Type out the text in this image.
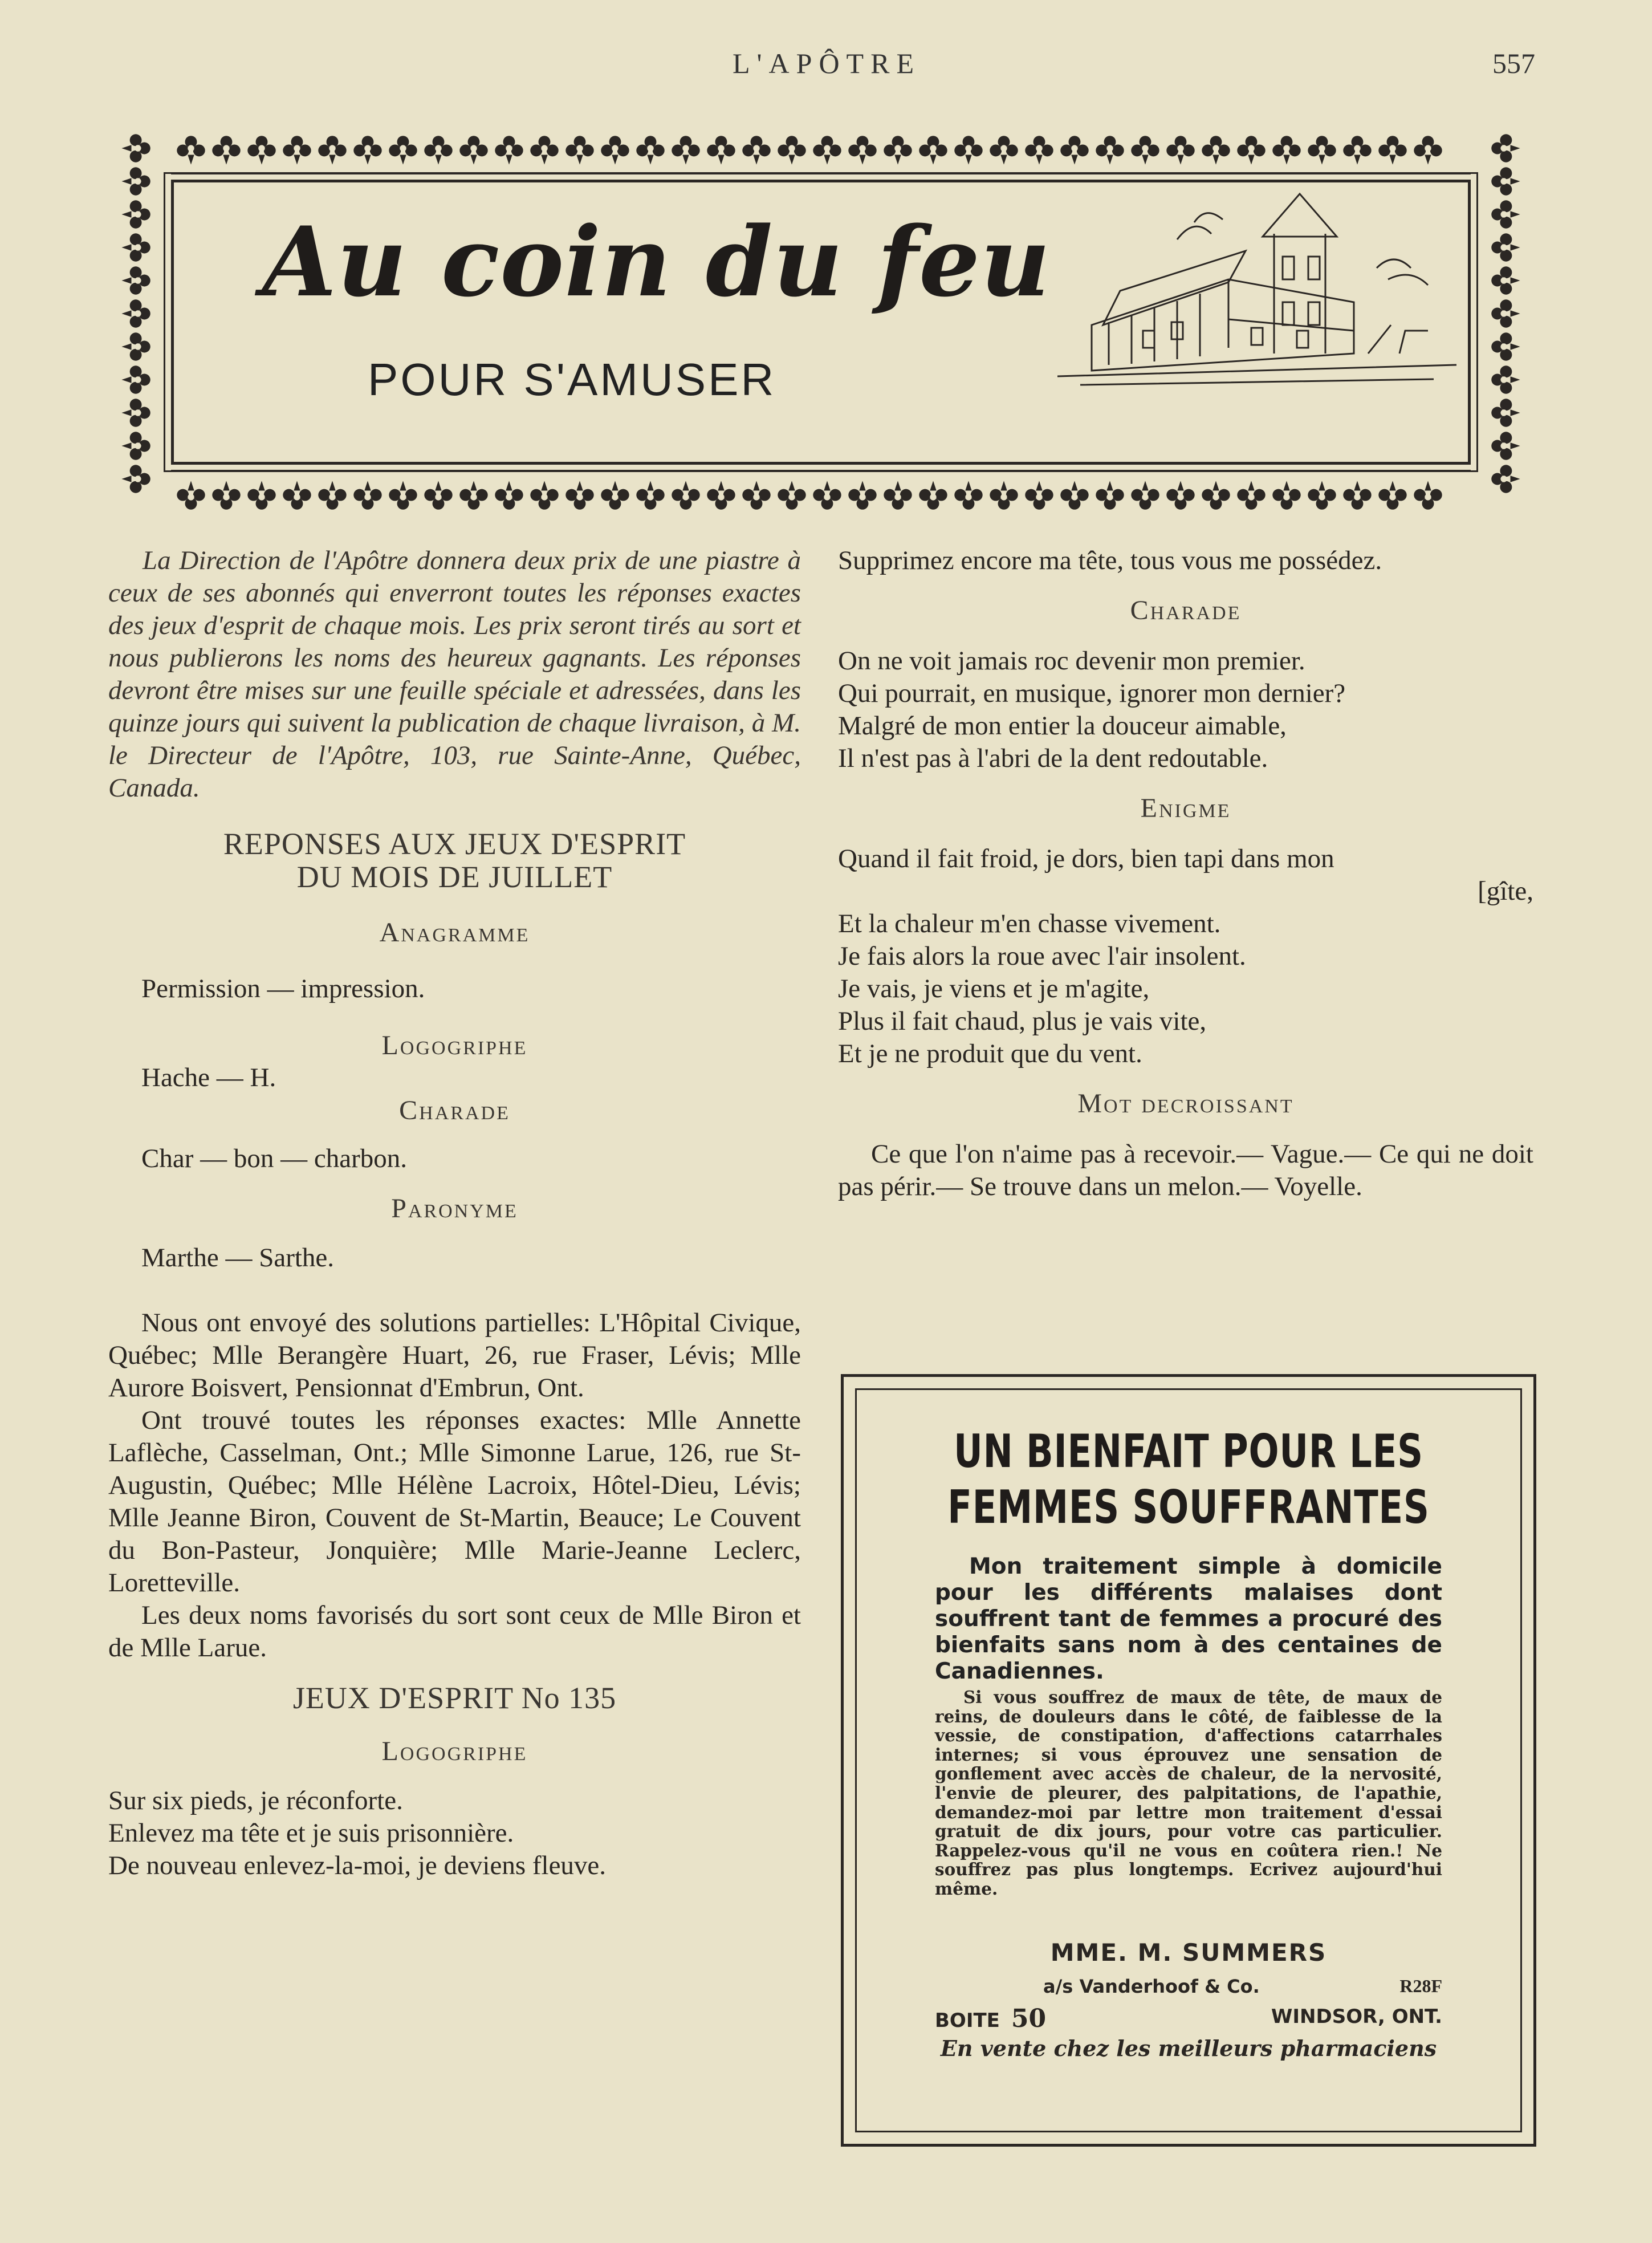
L'APÔTRE	557
Au coin du feu
POUR S'AMUSER

La Direction de l'Apôtre donnera deux prix de une piastre à ceux de ses abonnés qui enverront toutes les réponses exactes des jeux d'esprit de chaque mois. Les prix seront tirés au sort et nous publierons les noms des heureux gagnants. Les réponses devront être mises sur une feuille spéciale et adressées, dans les quinze jours qui suivent la publication de chaque livraison, à M. le Directeur de l'Apôtre, 103, rue Sainte-Anne, Québec, Canada.

REPONSES AUX JEUX D'ESPRIT
DU MOIS DE JUILLET
Anagramme

Permission — impression.

Logogriphe

Hache — H.

Charade

Char — bon — charbon.

Paronyme

Marthe — Sarthe.

Nous ont envoyé des solutions partielles: L'Hôpital Civique, Québec; Mlle Berangère Huart, 26, rue Fraser, Lévis; Mlle Aurore Boisvert, Pensionnat d'Embrun, Ont.

Ont trouvé toutes les réponses exactes: Mlle Annette Laflèche, Casselman, Ont.; Mlle Simonne Larue, 126, rue St-Augustin, Québec; Mlle Hélène Lacroix, Hôtel-Dieu, Lévis; Mlle Jeanne Biron, Couvent de St-Martin, Beauce; Le Couvent du Bon-Pasteur, Jonquière; Mlle Marie-Jeanne Leclerc, Loretteville.

Les deux noms favorisés du sort sont ceux de Mlle Biron et de Mlle Larue.

JEUX D'ESPRIT No 135
Logogriphe

Sur six pieds, je réconforte.

Enlevez ma tête et je suis prisonnière.

De nouveau enlevez-la-moi, je deviens fleuve.

Supprimez encore ma tête, tous vous me possédez.

Charade

On ne voit jamais roc devenir mon premier.

Qui pourrait, en musique, ignorer mon dernier?

Malgré de mon entier la douceur aimable,

Il n'est pas à l'abri de la dent redoutable.

Enigme

Quand il fait froid, je dors, bien tapi dans mon

[gîte,

Et la chaleur m'en chasse vivement.

Je fais alors la roue avec l'air insolent.

Je vais, je viens et je m'agite,

Plus il fait chaud, plus je vais vite,

Et je ne produit que du vent.

Mot decroissant

Ce que l'on n'aime pas à recevoir.— Vague.— Ce qui ne doit pas périr.— Se trouve dans un melon.— Voyelle.

UN BIENFAIT POUR LES
FEMMES SOUFFRANTES
Mon traitement simple à domicile pour les différents malaises dont souffrent tant de femmes a procuré des bienfaits sans nom à des centaines de Canadiennes.
Si vous souffrez de maux de tête, de maux de reins, de douleurs dans le côté, de faiblesse de la vessie, de constipation, d'affections catarrhales internes; si vous éprouvez une sensation de gonflement avec accès de chaleur, de la nervosité, l'envie de pleurer, des palpitations, de l'apathie, demandez-moi par lettre mon traitement d'essai gratuit de dix jours, pour votre cas particulier. Rappelez-vous qu'il ne vous en coûtera rien.! Ne souffrez pas plus longtemps. Ecrivez aujourd'hui même.
MME. M. SUMMERS
a/s Vanderhoof & Co.	R28F
BOITE 50	WINDSOR, ONT.
En vente chez les meilleurs pharmaciens
